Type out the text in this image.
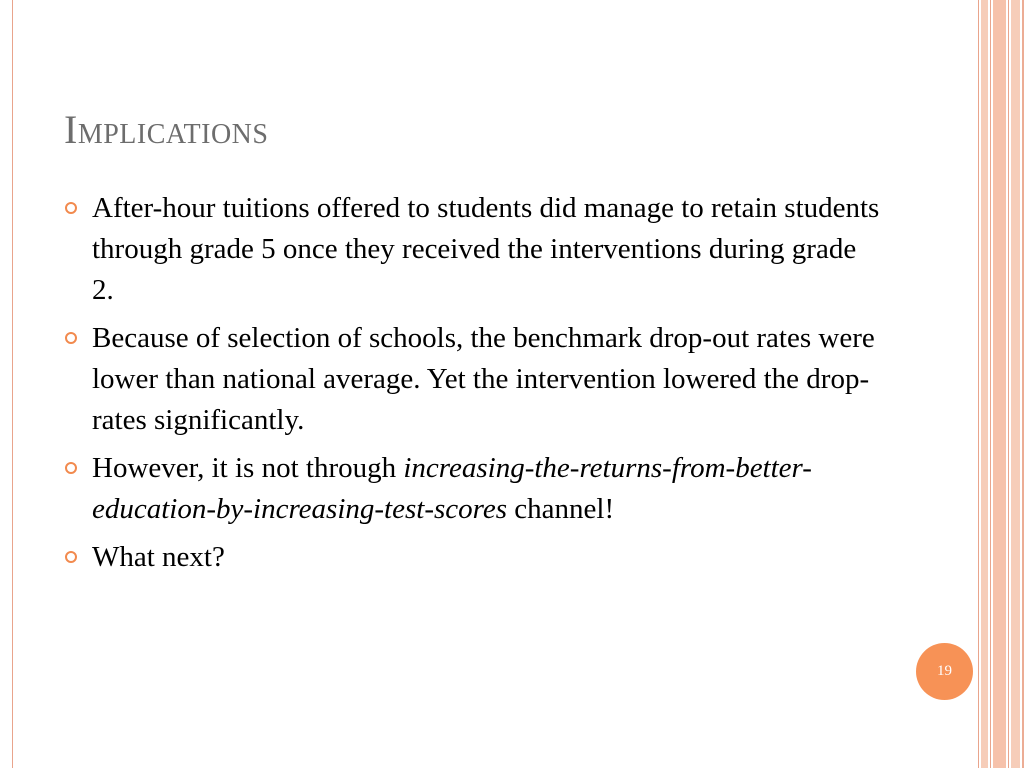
Implications
After-hour tuitions offered to students did manage to retain students through grade 5 once they received the interventions during grade 2.
Because of selection of schools, the benchmark drop-out rates were lower than national average. Yet the intervention lowered the drop-rates significantly.
However, it is not through increasing-the-returns-from-better-education-by-increasing-test-scores channel!
What next?
19
